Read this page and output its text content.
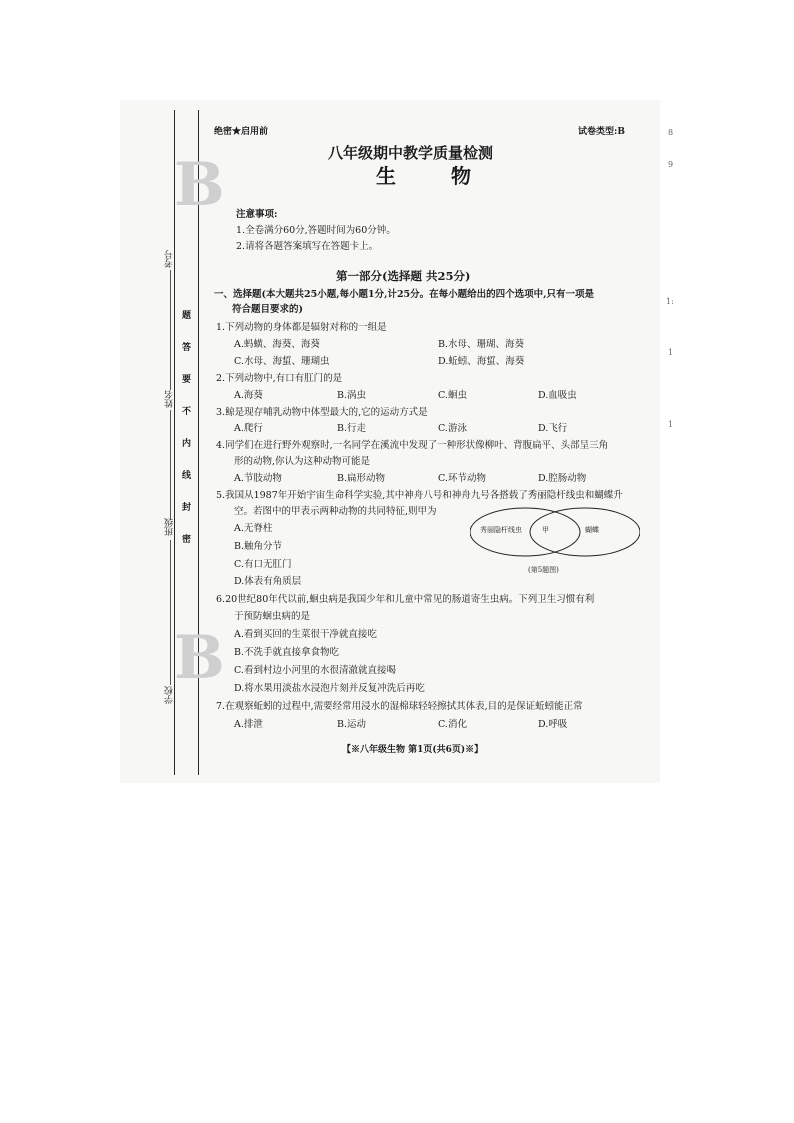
B
B
考号
姓名
班级
学校
题
答
要
不
内
线
封
密
绝密★启用前	试卷类型:B
八年级期中教学质量检测
生 物
注意事项:
1.全卷满分60分,答题时间为60分钟。
2.请将各题答案填写在答题卡上。
第一部分(选择题 共25分)
一、选择题(本大题共25小题,每小题1分,计25分。在每小题给出的四个选项中,只有一项是
符合题目要求的)
1.下列动物的身体都是辐射对称的一组是
A.蚂蟥、海葵、海葵	B.水母、珊瑚、海葵
C.水母、海蜇、珊瑚虫	D.蚯蚓、海蜇、海葵
2.下列动物中,有口有肛门的是
A.海葵	B.涡虫	C.蛔虫	D.血吸虫
3.鲸是现存哺乳动物中体型最大的,它的运动方式是
A.爬行	B.行走	C.游泳	D.飞行
4.同学们在进行野外观察时,一名同学在溪流中发现了一种形状像柳叶、背腹扁平、头部呈三角
形的动物,你认为这种动物可能是
A.节肢动物	B.扁形动物	C.环节动物	D.腔肠动物
5.我国从1987年开始宇宙生命科学实验,其中神舟八号和神舟九号各搭载了秀丽隐杆线虫和蝴蝶升
空。若图中的甲表示两种动物的共同特征,则甲为
A.无脊柱
B.触角分节
C.有口无肛门
D.体表有角质层
秀丽隐杆线虫	甲	蝴蝶
(第5题图)
6.20世纪80年代以前,蛔虫病是我国少年和儿童中常见的肠道寄生虫病。下列卫生习惯有利
于预防蛔虫病的是
A.看到买回的生菜很干净就直接吃
B.不洗手就直接拿食物吃
C.看到村边小河里的水很清澈就直接喝
D.将水果用淡盐水浸泡片刻并反复冲洗后再吃
7.在观察蚯蚓的过程中,需要经常用浸水的湿棉球轻轻擦拭其体表,目的是保证蚯蚓能正常
A.排泄	B.运动	C.消化	D.呼吸
【※八年级生物 第1页(共6页)※】
8
9
1:
1
1
